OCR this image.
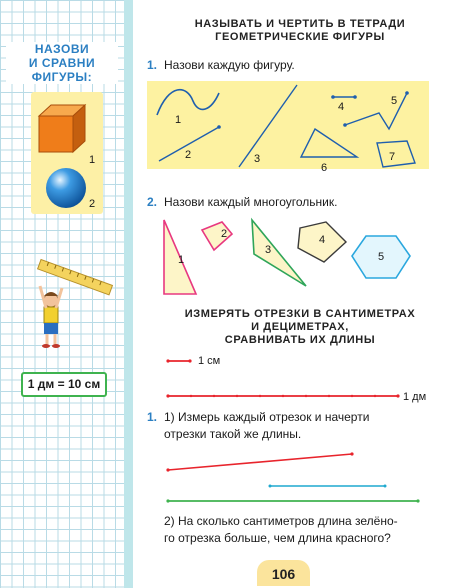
НАЗОВИ
И СРАВНИ
ФИГУРЫ:
1
2
1 дм = 10 см
НАЗЫВАТЬ И ЧЕРТИТЬ В ТЕТРАДИ
ГЕОМЕТРИЧЕСКИЕ ФИГУРЫ
1. Назови каждую фигуру.
1
2	3
4	5
6
7
2. Назови каждый многоугольник.
1
2
3
4
5
ИЗМЕРЯТЬ ОТРЕЗКИ В САНТИМЕТРАХ
И ДЕЦИМЕТРАХ,
СРАВНИВАТЬ ИХ ДЛИНЫ
1 см
1 дм
1. 1) Измерь каждый отрезок и начерти
отрезки такой же длины.
2) На сколько сантиметров длина зелёно-
го отрезка больше, чем длина красного?
106
